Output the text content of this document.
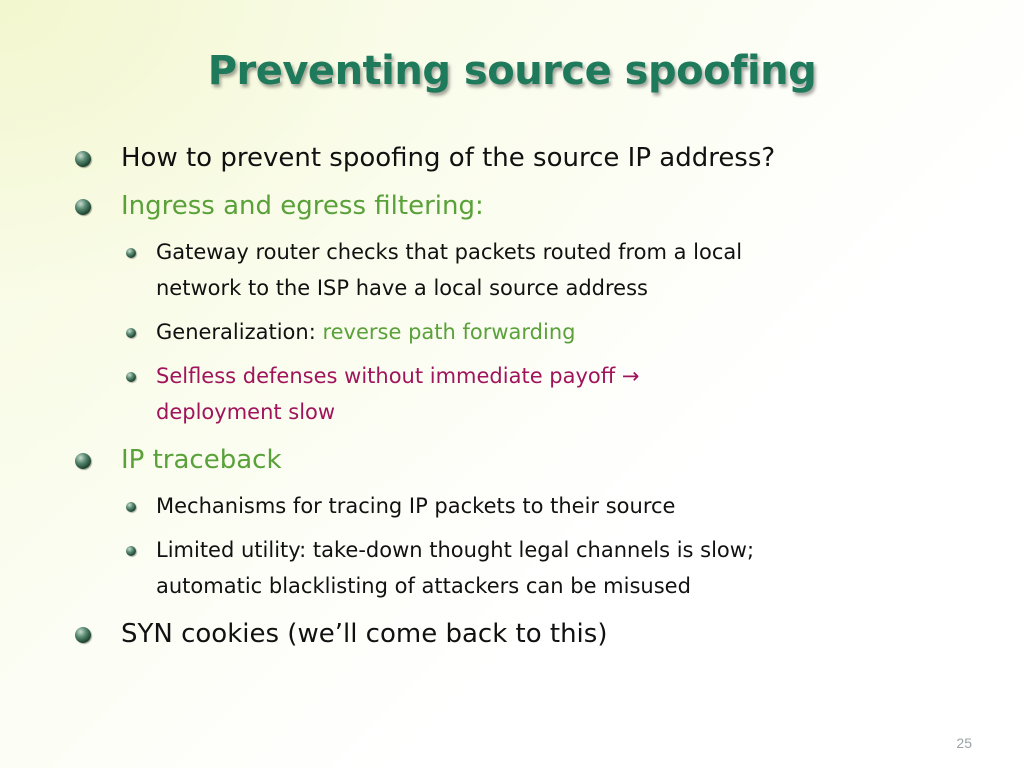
Preventing source spoofing
How to prevent spoofing of the source IP address?
Ingress and egress filtering:
Gateway router checks that packets routed from a local
network to the ISP have a local source address
Generalization: reverse path forwarding
Selfless defenses without immediate payoff →
deployment slow
IP traceback
Mechanisms for tracing IP packets to their source
Limited utility: take-down thought legal channels is slow;
automatic blacklisting of attackers can be misused
SYN cookies (we’ll come back to this)
25
